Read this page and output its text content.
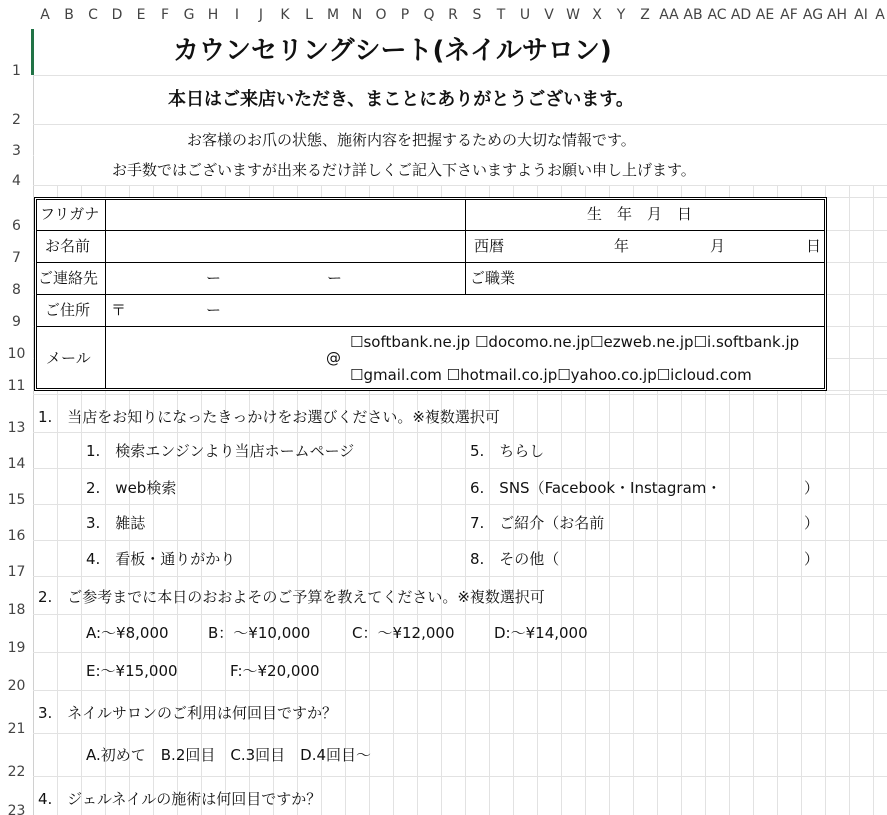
A	B	C D	E	F	G H	I	J	K	L	M N O	P	Q R	S	T	U	V W X	Y	Z AA AB AC AD AE AF AG AH AI A
1
2
3
4
6
7
8
9
10
11
13
14
15
16
17
18
19
20
21
22
23
カウンセリングシート(ネイルサロン)
本日はご来店いただき、まことにありがとうございます。
お客様のお爪の状態、施術内容を把握するための大切な情報です。
お手数ではございますが出来るだけ詳しくご記入下さいますようお願い申し上げます。
フリガナ	生　年　月　日
お名前	西暦	年	月	日
ご連絡先	ー	ー	ご職業
ご住所 〒	ー
メール	@
☐softbank.ne.jp ☐docomo.ne.jp☐ezweb.ne.jp☐i.softbank.jp
☐gmail.com ☐hotmail.co.jp☐yahoo.co.jp☐icloud.com
1.　当店をお知りになったきっかけをお選びください。※複数選択可
1.　検索エンジンより当店ホームページ	5.　ちらし
2.　web検索	6.　SNS（Facebook・Instagram・	）
3.　雑誌	7.　ご紹介（お名前	）
4.　看板・通りがかり	8.　その他（	）
2.　ご参考までに本日のおおよそのご予算を教えてください。※複数選択可
A:～¥8,000	B：～¥10,000	C：～¥12,000	D:～¥14,000
E:～¥15,000	F:～¥20,000
3.　ネイルサロンのご利用は何回目ですか？
A.初めて　B.2回目　C.3回目　D.4回目～
4.　ジェルネイルの施術は何回目ですか？
